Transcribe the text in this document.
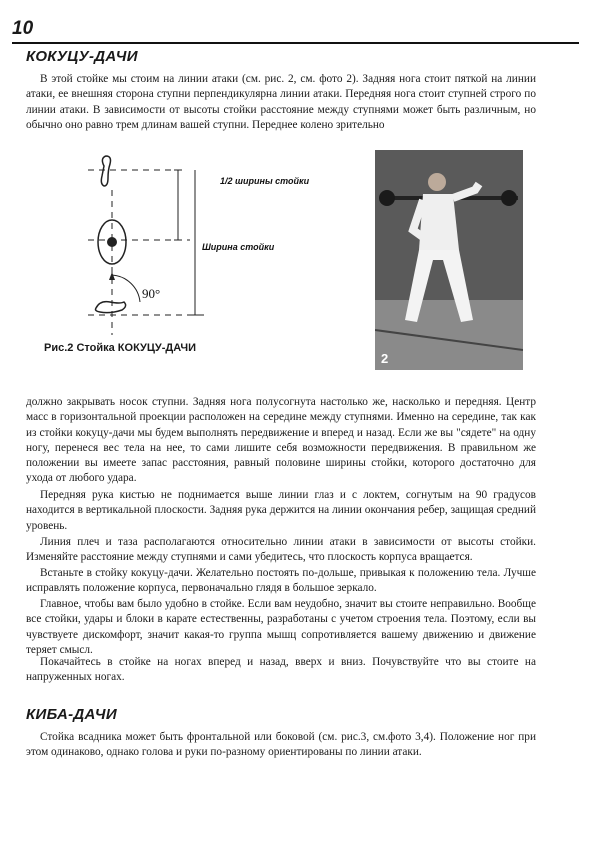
10
КОКУЦУ-ДАЧИ

В этой стойке мы стоим на линии атаки (см. рис. 2, см. фото 2). Задняя нога стоит пяткой на линии атаки, ее внешняя сторона ступни перпендикулярна линии атаки. Передняя нога стоит ступней строго по линии атаки. В зависимости от высоты стойки расстояние между ступнями может быть различным, но обычно оно равно трем длинам вашей ступни. Переднее колено зрительно

90°
1/2 ширины стойки
Ширина стойки
Рис.2 Стойка КОКУЦУ-ДАЧИ
2

должно закрывать носок ступни. Задняя нога полусогнута настолько же, насколько и передняя. Центр масс в горизонтальной проекции расположен на середине между ступнями. Именно на середине, так как из стойки кокуцу-дачи мы будем выполнять передвижение и вперед и назад. Если же вы "сядете" на одну ногу, перенеся вес тела на нее, то сами лишите себя возможности передвижения. В правильном же положении вы имеете запас расстояния, равный половине ширины стойки, которого достаточно для ухода от любого удара.

Передняя рука кистью не поднимается выше линии глаз и с локтем, согнутым на 90 градусов находится в вертикальной плоскости. Задняя рука держится на линии окончания ребер, защищая средний уровень.

Линия плеч и таза располагаются относительно линии атаки в зависимости от высоты стойки. Изменяйте расстояние между ступнями и сами убедитесь, что плоскость корпуса вращается.

Встаньте в стойку кокуцу-дачи. Желательно постоять по-дольше, привыкая к положению тела. Лучше исправлять положение корпуса, первоначально глядя в большое зеркало.

Главное, чтобы вам было удобно в стойке. Если вам неудобно, значит вы стоите неправильно. Вообще все стойки, удары и блоки в карате естественны, разработаны с учетом строения тела. Поэтому, если вы чувствуете дискомфорт, значит какая-то группа мышц сопротивляется вашему движению и движение теряет смысл.

Покачайтесь в стойке на ногах вперед и назад, вверх и вниз. Почувствуйте что вы стоите на напруженных ногах.

КИБА-ДАЧИ

Стойка всадника может быть фронтальной или боковой (см. рис.3, см.фото 3,4). Положение ног при этом одинаково, однако голова и руки по-разному ориентированы по линии атаки.
